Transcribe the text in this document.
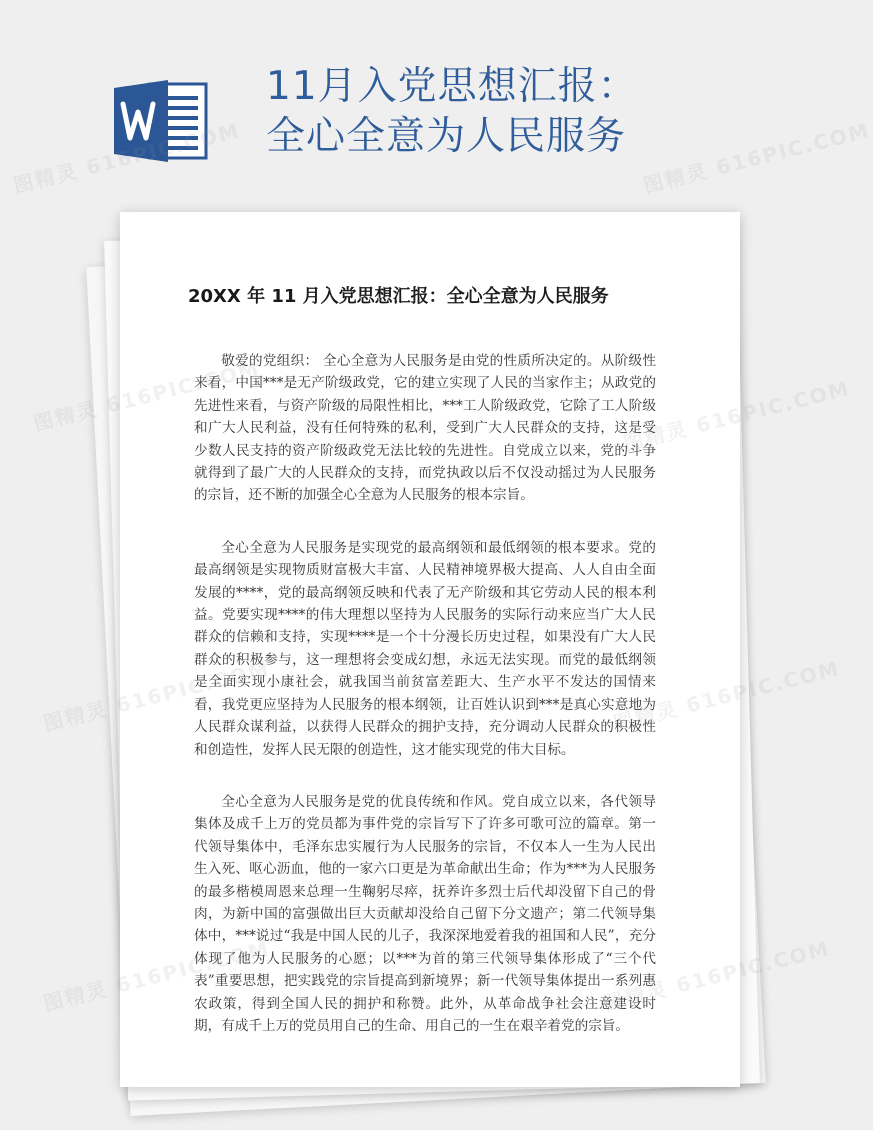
11月入党思想汇报：
全心全意为人民服务
20XX 年 11 月入党思想汇报：全心全意为人民服务

敬爱的党组织： 全心全意为人民服务是由党的性质所决定的。从阶级性来看，中国***是无产阶级政党，它的建立实现了人民的当家作主；从政党的先进性来看，与资产阶级的局限性相比，***工人阶级政党，它除了工人阶级和广大人民利益，没有任何特殊的私利，受到广大人民群众的支持，这是受少数人民支持的资产阶级政党无法比较的先进性。自党成立以来，党的斗争就得到了最广大的人民群众的支持，而党执政以后不仅没动摇过为人民服务的宗旨，还不断的加强全心全意为人民服务的根本宗旨。

全心全意为人民服务是实现党的最高纲领和最低纲领的根本要求。党的最高纲领是实现物质财富极大丰富、人民精神境界极大提高、人人自由全面发展的****，党的最高纲领反映和代表了无产阶级和其它劳动人民的根本利益。党要实现****的伟大理想以坚持为人民服务的实际行动来应当广大人民群众的信赖和支持，实现****是一个十分漫长历史过程，如果没有广大人民群众的积极参与，这一理想将会变成幻想，永远无法实现。而党的最低纲领是全面实现小康社会，就我国当前贫富差距大、生产水平不发达的国情来看，我党更应坚持为人民服务的根本纲领，让百姓认识到***是真心实意地为人民群众谋利益，以获得人民群众的拥护支持，充分调动人民群众的积极性和创造性，发挥人民无限的创造性，这才能实现党的伟大目标。

全心全意为人民服务是党的优良传统和作风。党自成立以来，各代领导集体及成千上万的党员都为事件党的宗旨写下了许多可歌可泣的篇章。第一代领导集体中，毛泽东忠实履行为人民服务的宗旨，不仅本人一生为人民出生入死、呕心沥血，他的一家六口更是为革命献出生命；作为***为人民服务的最多楷模周恩来总理一生鞠躬尽瘁，抚养许多烈士后代却没留下自己的骨肉，为新中国的富强做出巨大贡献却没给自己留下分文遗产；第二代领导集体中，***说过“我是中国人民的儿子，我深深地爱着我的祖国和人民”，充分体现了他为人民服务的心愿；以***为首的第三代领导集体形成了“三个代表”重要思想，把实践党的宗旨提高到新境界；新一代领导集体提出一系列惠农政策，得到全国人民的拥护和称赞。此外，从革命战争社会注意建设时期，有成千上万的党员用自己的生命、用自己的一生在艰辛着党的宗旨。

图精灵 616PIC.COM	图精灵 616PIC.COM
图精灵	616PIC.COM
图精灵	616PIC.COM
图精灵
